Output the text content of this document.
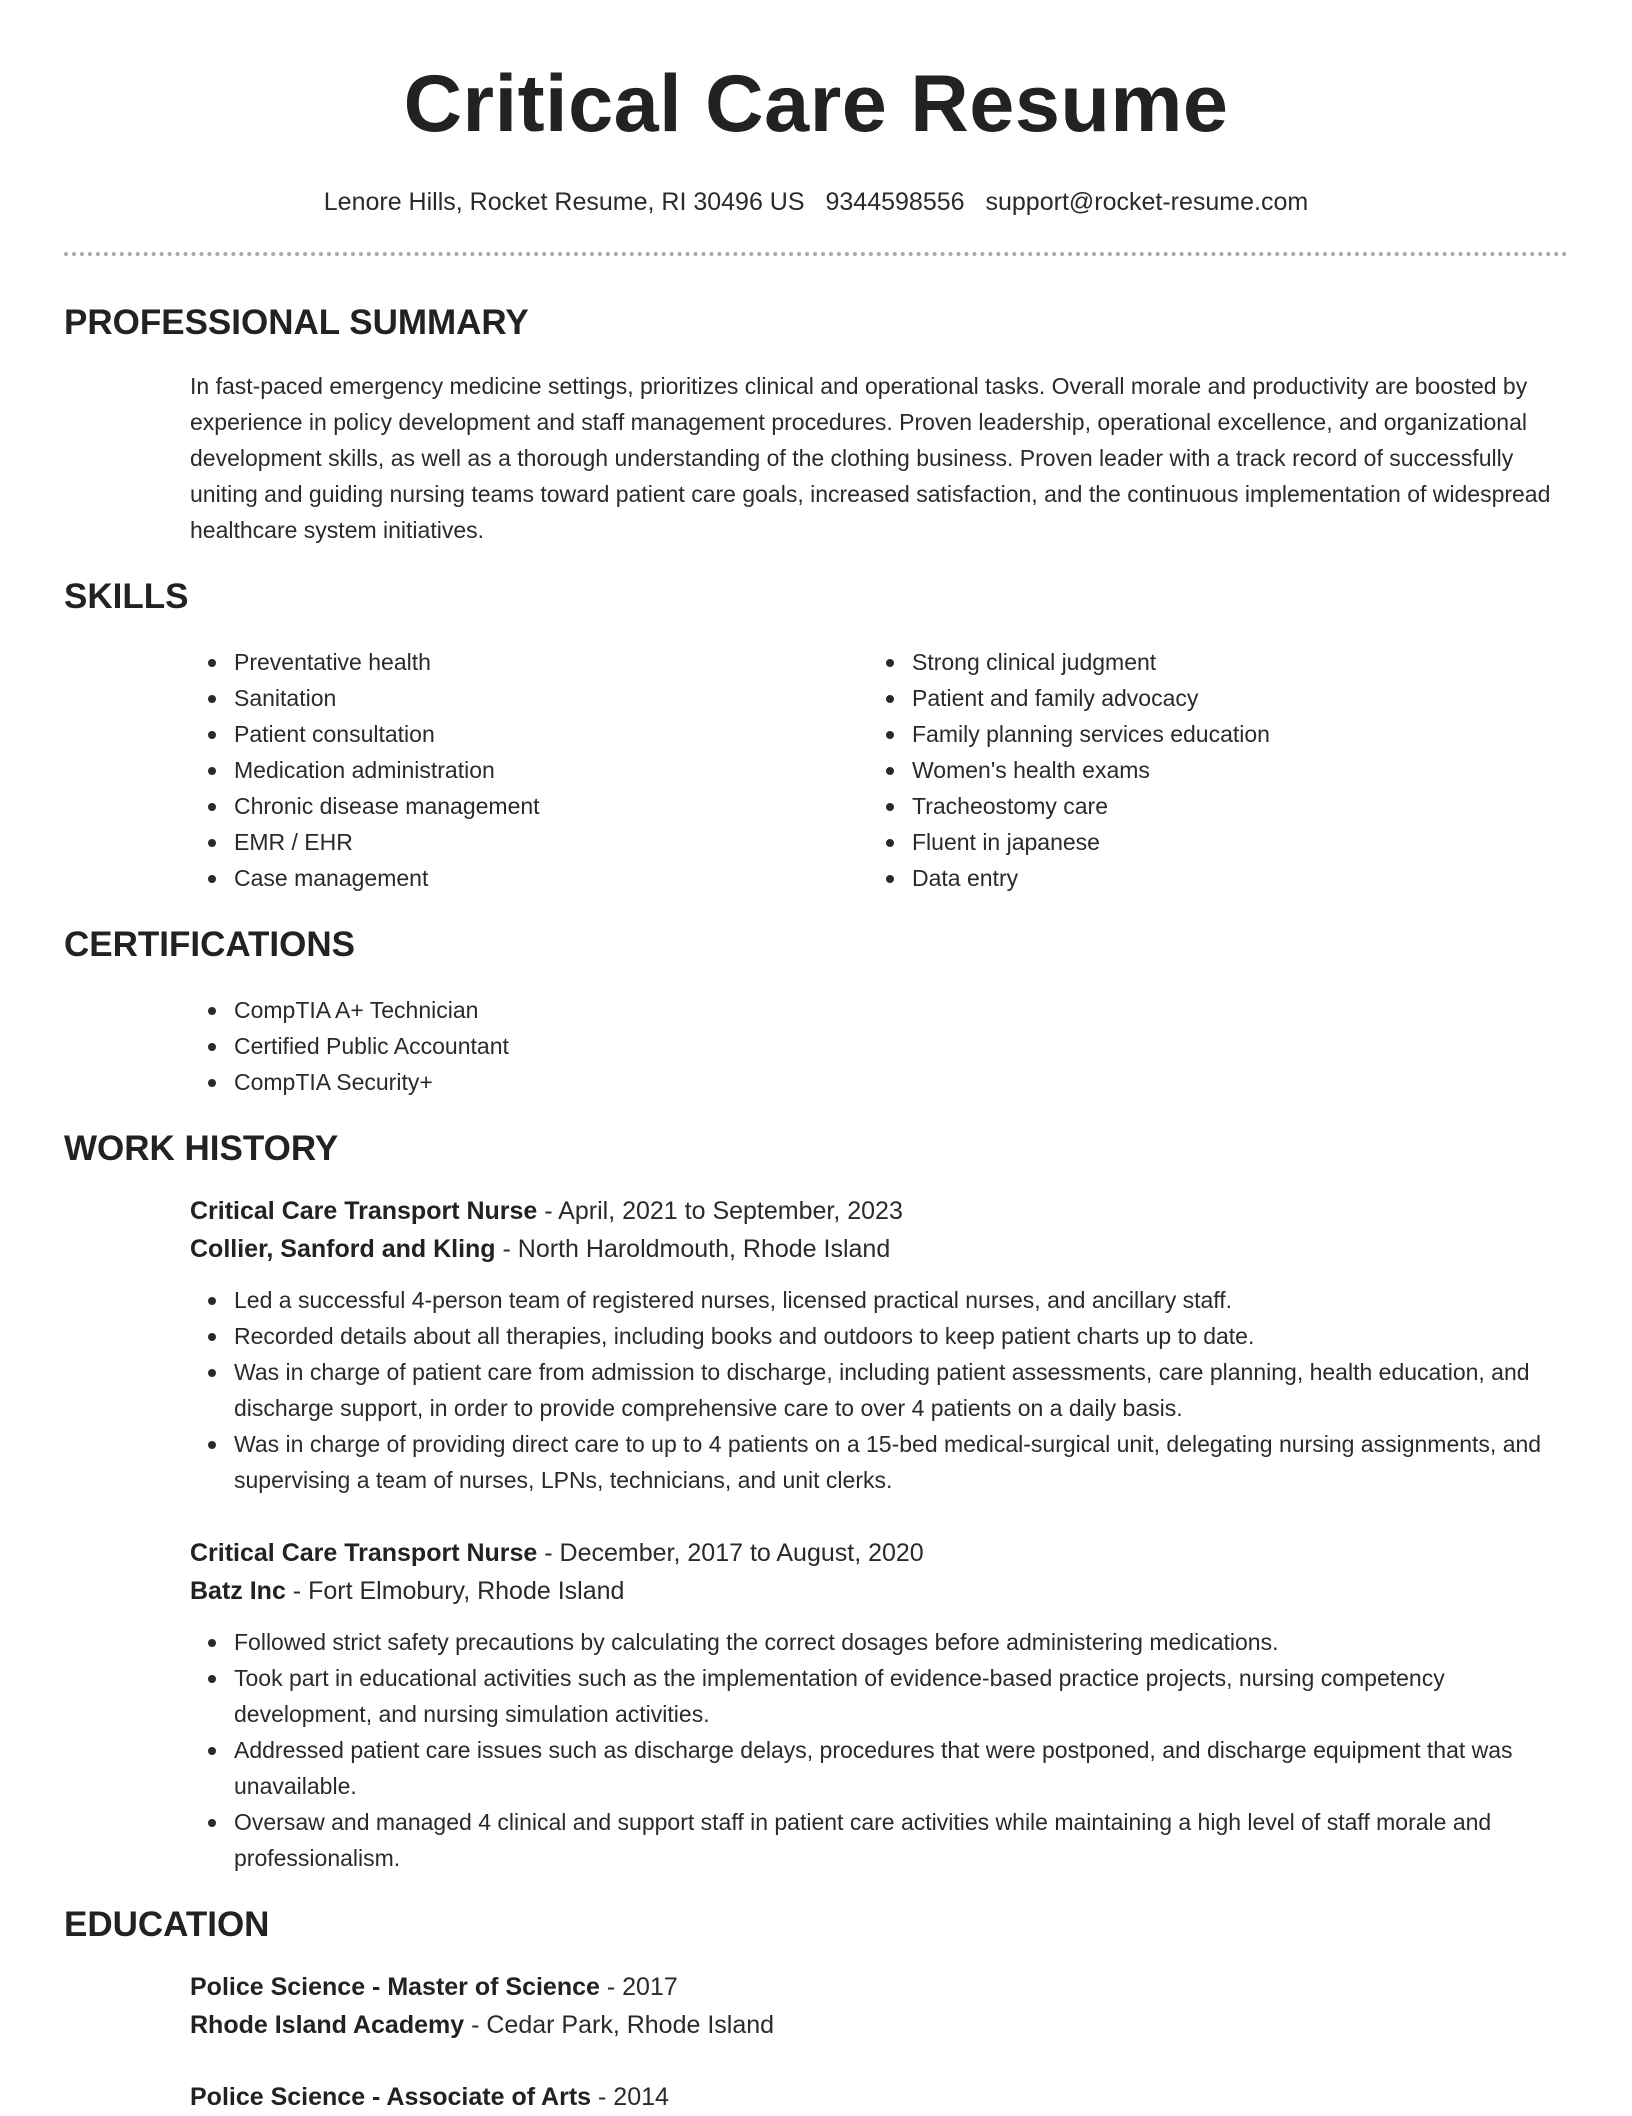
Critical Care Resume
Lenore Hills, Rocket Resume, RI 30496 US 9344598556 support@rocket-resume.com
PROFESSIONAL SUMMARY
In fast-paced emergency medicine settings, prioritizes clinical and operational tasks. Overall morale and productivity are boosted by experience in policy development and staff management procedures. Proven leadership, operational excellence, and organizational development skills, as well as a thorough understanding of the clothing business. Proven leader with a track record of successfully uniting and guiding nursing teams toward patient care goals, increased satisfaction, and the continuous implementation of widespread healthcare system initiatives.
SKILLS
Preventative health
Sanitation
Patient consultation
Medication administration
Chronic disease management
EMR / EHR
Case management
Strong clinical judgment
Patient and family advocacy
Family planning services education
Women's health exams
Tracheostomy care
Fluent in japanese
Data entry
CERTIFICATIONS
CompTIA A+ Technician
Certified Public Accountant
CompTIA Security+
WORK HISTORY
Critical Care Transport Nurse - April, 2021 to September, 2023
Collier, Sanford and Kling - North Haroldmouth, Rhode Island
Led a successful 4-person team of registered nurses, licensed practical nurses, and ancillary staff.
Recorded details about all therapies, including books and outdoors to keep patient charts up to date.
Was in charge of patient care from admission to discharge, including patient assessments, care planning, health education, and discharge support, in order to provide comprehensive care to over 4 patients on a daily basis.
Was in charge of providing direct care to up to 4 patients on a 15-bed medical-surgical unit, delegating nursing assignments, and supervising a team of nurses, LPNs, technicians, and unit clerks.
Critical Care Transport Nurse - December, 2017 to August, 2020
Batz Inc - Fort Elmobury, Rhode Island
Followed strict safety precautions by calculating the correct dosages before administering medications.
Took part in educational activities such as the implementation of evidence-based practice projects, nursing competency development, and nursing simulation activities.
Addressed patient care issues such as discharge delays, procedures that were postponed, and discharge equipment that was unavailable.
Oversaw and managed 4 clinical and support staff in patient care activities while maintaining a high level of staff morale and professionalism.
EDUCATION
Police Science - Master of Science - 2017
Rhode Island Academy - Cedar Park, Rhode Island
Police Science - Associate of Arts - 2014
